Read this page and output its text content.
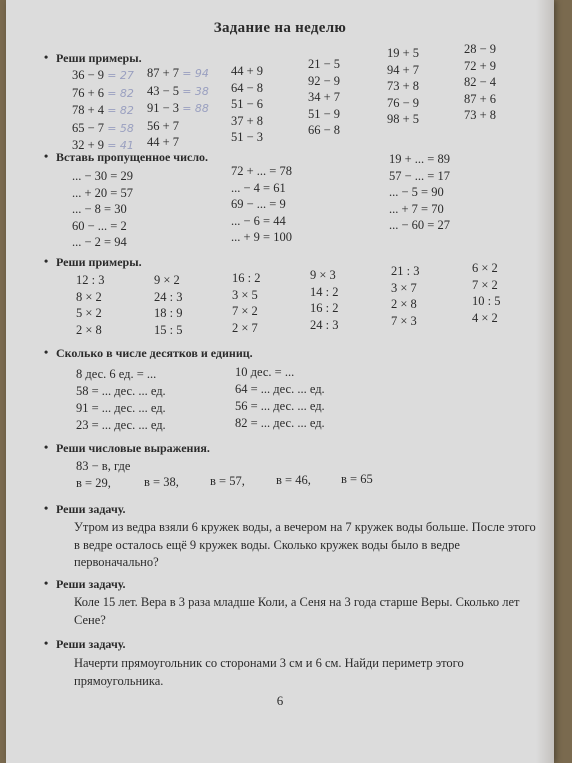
Задание на неделю
• Реши примеры.
36 − 9 = 27
76 + 6 = 82
78 + 4 = 82
65 − 7 = 58
32 + 9 = 41
87 + 7 = 94
43 − 5 = 38
91 − 3 = 88
56 + 7
44 + 7
44 + 9
64 − 8
51 − 6
37 + 8
51 − 3
21 − 5
92 − 9
34 + 7
51 − 9
66 − 8
19 + 5
94 + 7
73 + 8
76 − 9
98 + 5
28 − 9
72 + 9
82 − 4
87 + 6
73 + 8
• Вставь пропущенное число.
... − 30 = 29
... + 20 = 57
... − 8 = 30
60 − ... = 2
... − 2 = 94
72 + ... = 78
... − 4 = 61
69 − ... = 9
... − 6 = 44
... + 9 = 100
19 + ... = 89
57 − ... = 17
... − 5 = 90
... + 7 = 70
... − 60 = 27
• Реши примеры.
12 : 3
8 × 2
5 × 2
2 × 8
9 × 2
24 : 3
18 : 9
15 : 5
16 : 2
3 × 5
7 × 2
2 × 7
9 × 3
14 : 2
16 : 2
24 : 3
21 : 3
3 × 7
2 × 8
7 × 3
6 × 2
7 × 2
10 : 5
4 × 2
• Сколько в числе десятков и единиц.
8 дес. 6 ед. = ...
58 = ... дес. ... ед.
91 = ... дес. ... ед.
23 = ... дес. ... ед.
10 дес. = ...
64 = ... дес. ... ед.
56 = ... дес. ... ед.
82 = ... дес. ... ед.
• Реши числовые выражения.
83 − в, где
в = 29,	в = 38, в = 57, в = 46, в = 65
• Реши задачу.
Утром из ведра взяли 6 кружек воды, а вечером на 7 кружек воды больше. После этого в ведре осталось ещё 9 кружек воды. Сколько кружек воды было в ведре первоначально?
• Реши задачу.
Коле 15 лет. Вера в 3 раза младше Коли, а Сеня на 3 года старше Веры. Сколько лет Сене?
• Реши задачу.
Начерти прямоугольник со сторонами 3 см и 6 см. Найди периметр этого прямоугольника.
6
